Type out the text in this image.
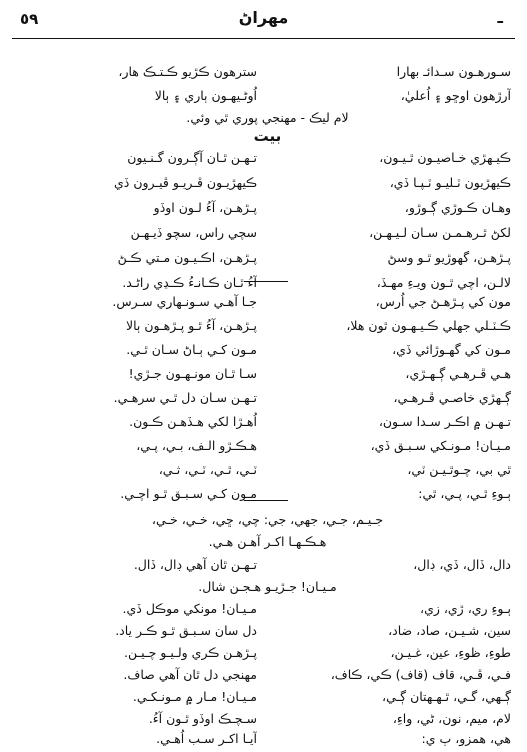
٥٩	مهراڻ	ـ
سـورهـون سـدائـ بهارا
سترهون ڪڙيو ڪـتـڪ هار،
آرڙهون اوڇو ۽ اُعليٰ،
اُوڻـيهـون ٻاري ۽ ٻالا
لام ليڪ - مهنجي پوري ٿي وئي.
بيت
ڪيـهڙي خـاصيـون ٿـيـون،
تـهـن ٿـان آڳـرون گـنـيون
ڪيهڙيون ٽـليـو ٽـپـا ڏي،
ڪيهڙيـون ڦـريـو ڦيـرون ڏي
وهـان ڪـوڙي ڳـوڙو،
پـڙهـن، آءُ لـون اوڏو
لکڻ ٿـرهـمـن سـان لـيـهـن،
سچي راس، سچو ڏيـهـن
پـڙهـن، گهوڙيو ٿـو وسڻ
پـڙهـن، اڪـيـون مـتي ڪـڻ
لالـن، اچي ٿـون ويـءِ مهـڏ،
آءُ ٿـان ڪـانـءُ ڪـڍي راڻـد.
مون کي پـڙهـڻ جي اُرس،
جـا آهـي سـونـهاري سـرس.
ڪـٽـلي جهلي ڪـيـهـون ٿون هلا،
پـڙهـن، آءُ ٿـو پـڙهـون ٻالا
مـون کي گهـوڙائي ڏي،
مـون کـي ٻـاڻ سـان ٿـي.
هـي ڦـرهـي ڳـهـڙي،
سـا ٿـان مونـهـون جـڙي!
ڳـهڙي خاصـي ڦـرهـي،
تـهـن سـان دل ٿـي سرهـي.
تـهـن ۾ اڪـر سـدا سـون،
اُهـڙا لکي هـڏهـن ڪـون.
مـيـان! مـونـکي سـبـق ڏي،
هـڪـڙو الـف، بـي، پـي،
ٿي بي، چـوٿـيـن ٽي،
ٽـي، ٿـي، ٽـي، ثـي،
ٻـوءِ ٿـي، پـي، ٿي:
مـون کـي سـبـق ٿـو اچـي.
جـيـم، جـي، جهي، جي: چي، ڇي، خـي، خـي،
هـڪـهـا اکـر آهـن هـي.
دال، ڏال، ڏي، ڊال،
تـهـن ٿان آهي ڊال، ڏال.
مـيـان! جـڙيـو هـجـن شال.
ٻـوءِ ري، ڙي، زي،
مـيـان! مونکي موڪل ڏي.
سين، شـيـن، صاد، ضاد،
دل سان سـبـق ٿـو ڪـر ياد.
طوءِ، ظوءِ، عين، غـيـن،
پـڙهـن ڪري ولـيـو چـيـن.
فـي، ڦـي، قاف (قاف) ڪي، ڪاف،
مهنجي دل ٿان آهي صاف.
ڳـهي، گـي، ٿـهـهتان ڳـي،
مـيـان! مـار ۾ مـونـکـي.
لام، ميم، نون، ڻي، واءِ،
سـچـڪ اوڏو ٿـون آءُ.
هي، همزو، ٻ ي:
آيـا اکـر سـب اُهـي.
